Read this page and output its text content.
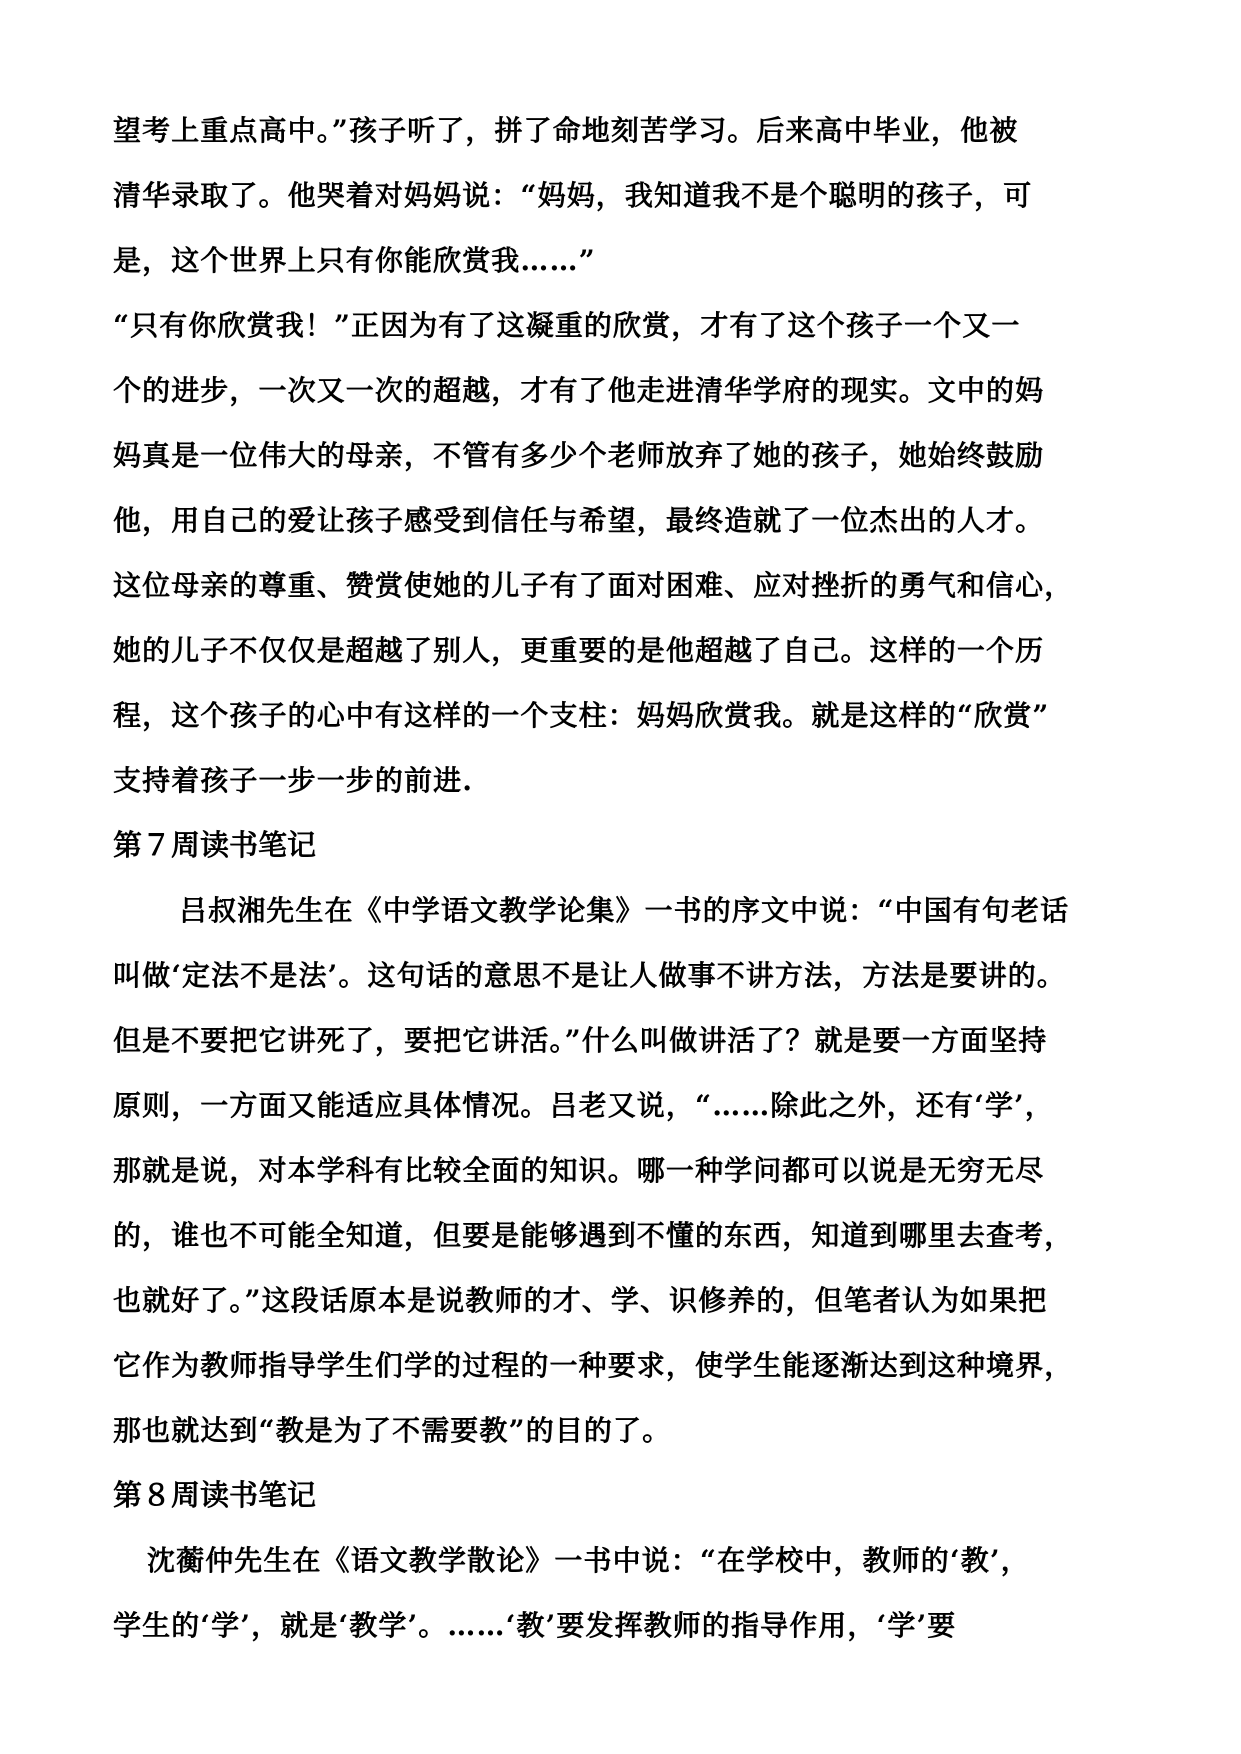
望考上重点高中。”孩子听了，拼了命地刻苦学习。后来高中毕业，他被
清华录取了。他哭着对妈妈说：“妈妈，我知道我不是个聪明的孩子，可
是，这个世界上只有你能欣赏我……”
“只有你欣赏我！”正因为有了这凝重的欣赏，才有了这个孩子一个又一
个的进步，一次又一次的超越，才有了他走进清华学府的现实。文中的妈
妈真是一位伟大的母亲，不管有多少个老师放弃了她的孩子，她始终鼓励
他，用自己的爱让孩子感受到信任与希望，最终造就了一位杰出的人才。
这位母亲的尊重、赞赏使她的儿子有了面对困难、应对挫折的勇气和信心，
她的儿子不仅仅是超越了别人，更重要的是他超越了自己。这样的一个历
程，这个孩子的心中有这样的一个支柱：妈妈欣赏我。就是这样的“欣赏”
支持着孩子一步一步的前进.
第７周读书笔记
吕叔湘先生在《中学语文教学论集》一书的序文中说：“中国有句老话
叫做‘定法不是法’。这句话的意思不是让人做事不讲方法，方法是要讲的。
但是不要把它讲死了，要把它讲活。”什么叫做讲活了？就是要一方面坚持
原则，一方面又能适应具体情况。吕老又说，“……除此之外，还有‘学’，
那就是说，对本学科有比较全面的知识。哪一种学问都可以说是无穷无尽
的，谁也不可能全知道，但要是能够遇到不懂的东西，知道到哪里去查考，
也就好了。”这段话原本是说教师的才、学、识修养的，但笔者认为如果把
它作为教师指导学生们学的过程的一种要求，使学生能逐渐达到这种境界，
那也就达到“教是为了不需要教”的目的了。
第８周读书笔记
沈蘅仲先生在《语文教学散论》一书中说：“在学校中，教师的‘教’，
学生的‘学’，就是‘教学’。……‘教’要发挥教师的指导作用，‘学’要
